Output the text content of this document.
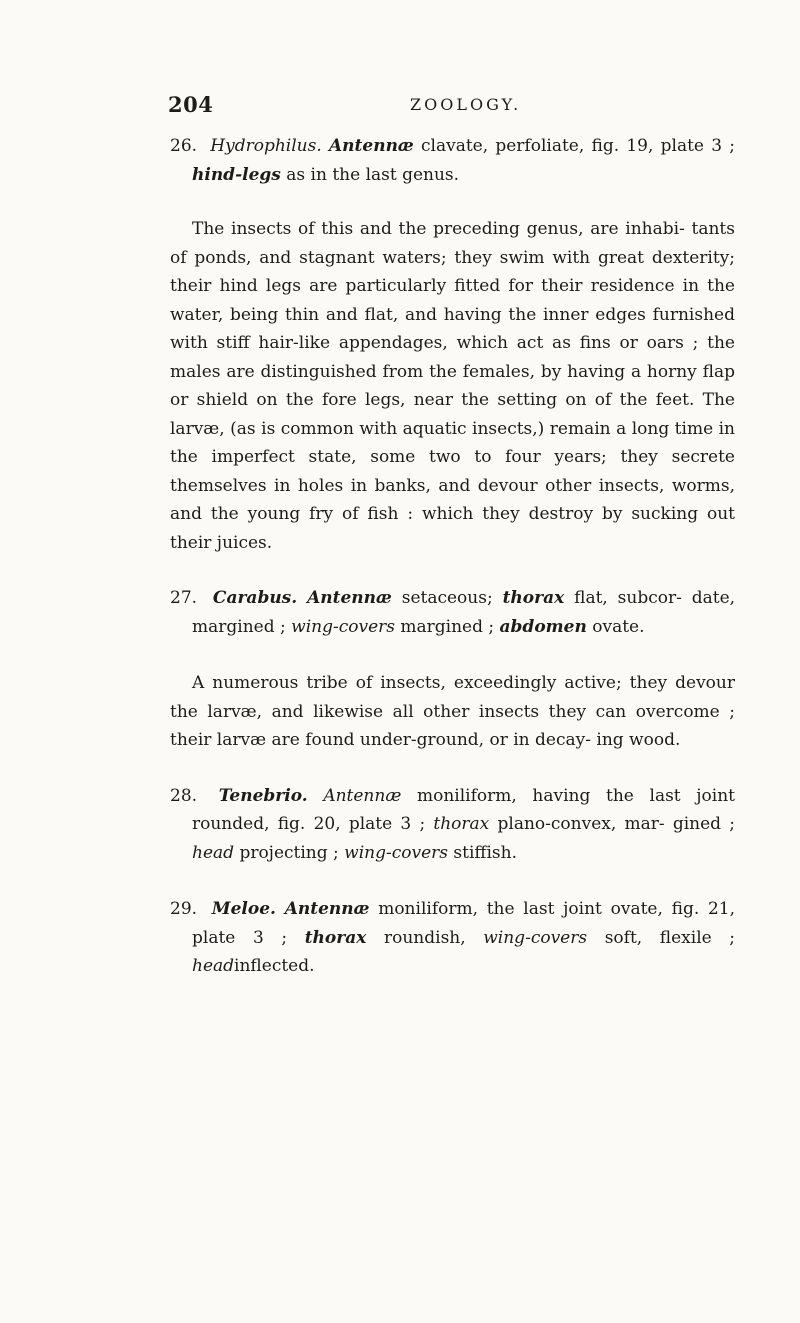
204	ZOOLOGY.

26. Hydrophilus. Antennæ clavate, perfoliate, fig. 19, plate 3 ; hind-legs as in the last genus.

The insects of this and the preceding genus, are inhabi- tants of ponds, and stagnant waters; they swim with great dexterity; their hind legs are particularly fitted for their residence in the water, being thin and flat, and having the inner edges furnished with stiff hair-like appendages, which act as fins or oars ; the males are distinguished from the females, by having a horny flap or shield on the fore legs, near the setting on of the feet. The larvæ, (as is common with aquatic insects,) remain a long time in the imperfect state, some two to four years; they secrete themselves in holes in banks, and devour other insects, worms, and the young fry of fish : which they destroy by sucking out their juices.

27. Carabus. Antennæ setaceous; thorax flat, subcor- date, margined ; wing-covers margined ; abdomen ovate.

A numerous tribe of insects, exceedingly active; they devour the larvæ, and likewise all other insects they can overcome ; their larvæ are found under-ground, or in decay- ing wood.

28. Tenebrio. Antennæ moniliform, having the last joint rounded, fig. 20, plate 3 ; thorax plano-convex, mar- gined ; head projecting ; wing-covers stiffish.

29. Meloe. Antennæ moniliform, the last joint ovate, fig. 21, plate 3 ; thorax roundish, wing-covers soft, flexile ; headinflected.
